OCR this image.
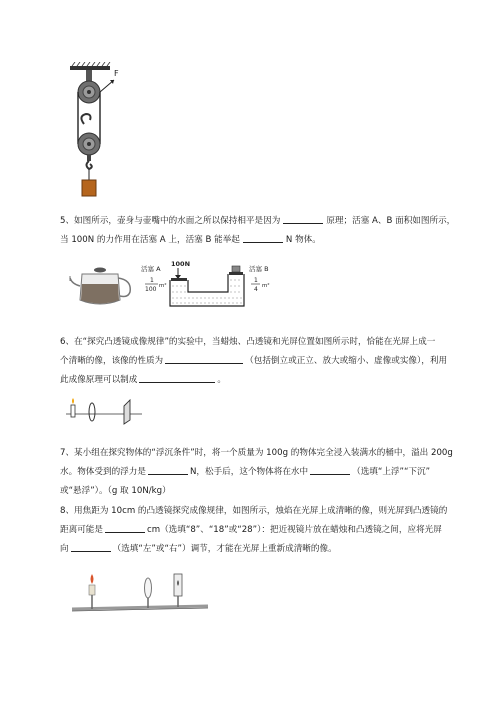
F
5、如图所示，壶身与壶嘴中的水面之所以保持相平是因为	原理；活塞 A、B 面积如图所示，
当 100N 的力作用在活塞 A 上，活塞 B 能举起	N 物体。
活塞 A
1
100 m²
100N
活塞 B
1
4 m²
6、在“探究凸透镜成像规律”的实验中，当蜡烛、凸透镜和光屏位置如图所示时，恰能在光屏上成一
个清晰的像，该像的性质为	（包括倒立或正立、放大或缩小、虚像或实像），利用
此成像原理可以制成	。
7、某小组在探究物体的“浮沉条件”时，将一个质量为 100g 的物体完全浸入装满水的桶中，溢出 200g
水。物体受到的浮力是	N，松手后，这个物体将在水中	（选填“上浮”“下沉”
或“悬浮”）。（g 取 10N/kg）
8、用焦距为 10cm 的凸透镜探究成像规律，如图所示，烛焰在光屏上成清晰的像，则光屏到凸透镜的
距离可能是	cm（选填“8”、“18”或“28”）：把近视镜片放在蜡烛和凸透镜之间，应将光屏
向	（选填“左”或“右”）调节，才能在光屏上重新成清晰的像。
